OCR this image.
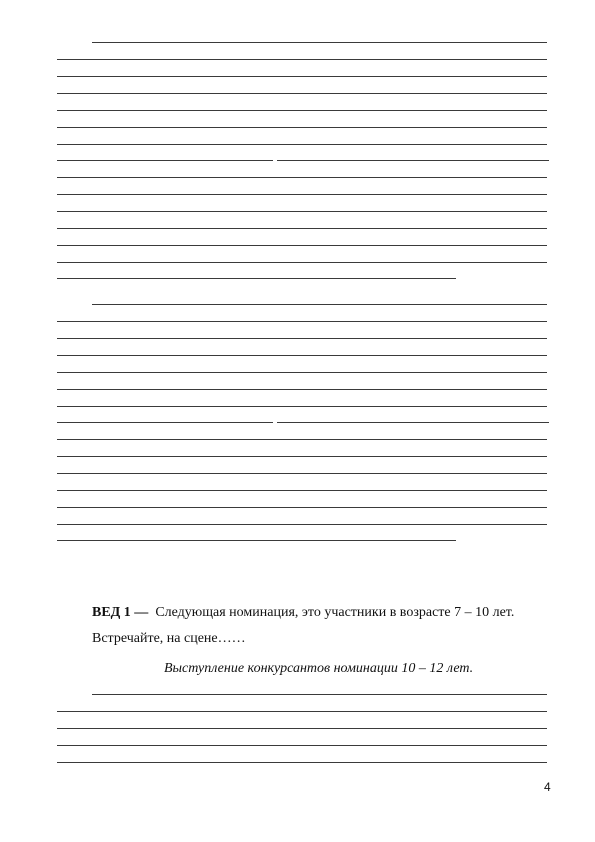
ВЕД 1 — Следующая номинация, это участники в возрасте 7 – 10 лет.
Встречайте, на сцене……
Выступление конкурсантов номинации 10 – 12 лет.
4
